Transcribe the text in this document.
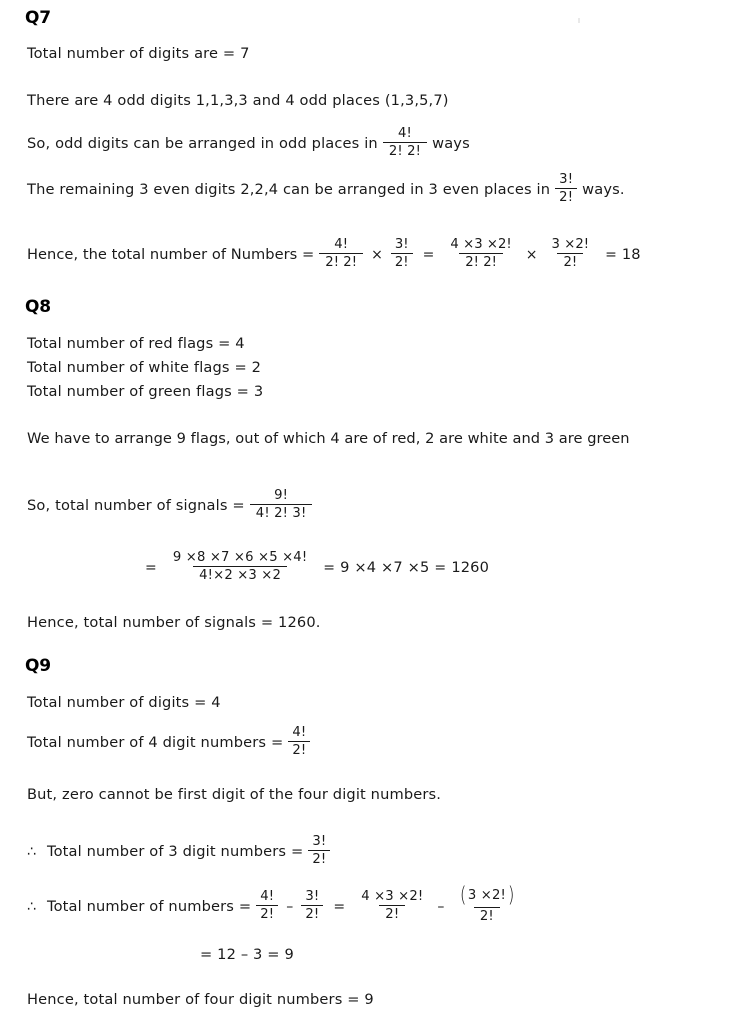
Q7
Total number of digits are = 7
There are 4 odd digits 1,1,3,3 and 4 odd places (1,3,5,7)
So, odd digits can be arranged in odd places in $\frac{4!}{2! 2!}$ ways
The remaining 3 even digits 2,2,4 can be arranged in 3 even places in $\frac{3!}{2!}$ ways.
Hence, the total number of Numbers = $\frac{4!}{2! 2!} \times \frac{3!}{2!} = \frac{4 \times 3 \times 2!}{2! 2!} \times \frac{3 \times 2!}{2!} = 18$
Q8
Total number of red flags = 4
Total number of white flags = 2
Total number of green flags = 3
We have to arrange 9 flags, out of which 4 are of red, 2 are white and 3 are green
So, total number of signals = $\frac{9!}{4! 2! 3!}$
= $\frac{9 \times 8 \times 7 \times 6 \times 5 \times 4!}{4!\times 2 \times 3 \times 2} = 9 \times 4 \times 7 \times 5 = 1260$
Hence, total number of signals = 1260.
Q9
Total number of digits = 4
Total number of 4 digit numbers = $\frac{4!}{2!}$
But, zero cannot be first digit of the four digit numbers.
∴ Total number of 3 digit numbers = $\frac{3!}{2!}$
∴ Total number of numbers = $\frac{4!}{2!} - \frac{3!}{2!} = \frac{4 \times 3 \times 2!}{2!} - \frac{( 3 \times 2! )}{2!}$
= 12 – 3 = 9
Hence, total number of four digit numbers = 9
